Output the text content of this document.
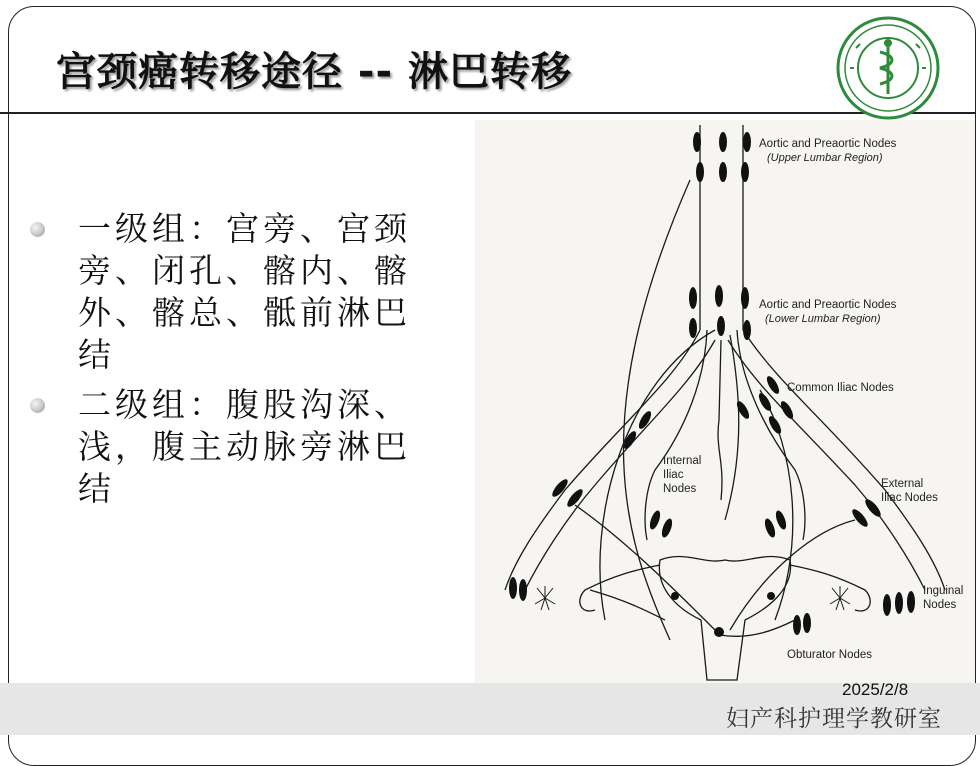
宫颈癌转移途径 -- 淋巴转移
一级组：宫旁、宫颈旁、闭孔、髂内、髂外、髂总、骶前淋巴结
二级组：腹股沟深、浅，腹主动脉旁淋巴结
Aortic and Preaortic Nodes
(Upper Lumbar Region)
Aortic and Preaortic Nodes
(Lower Lumbar Region)
Common Iliac Nodes
Internal
Iliac
Nodes	External
Iliac Nodes
Inguinal
Nodes
Obturator Nodes
2025/2/8
妇产科护理学教研室
